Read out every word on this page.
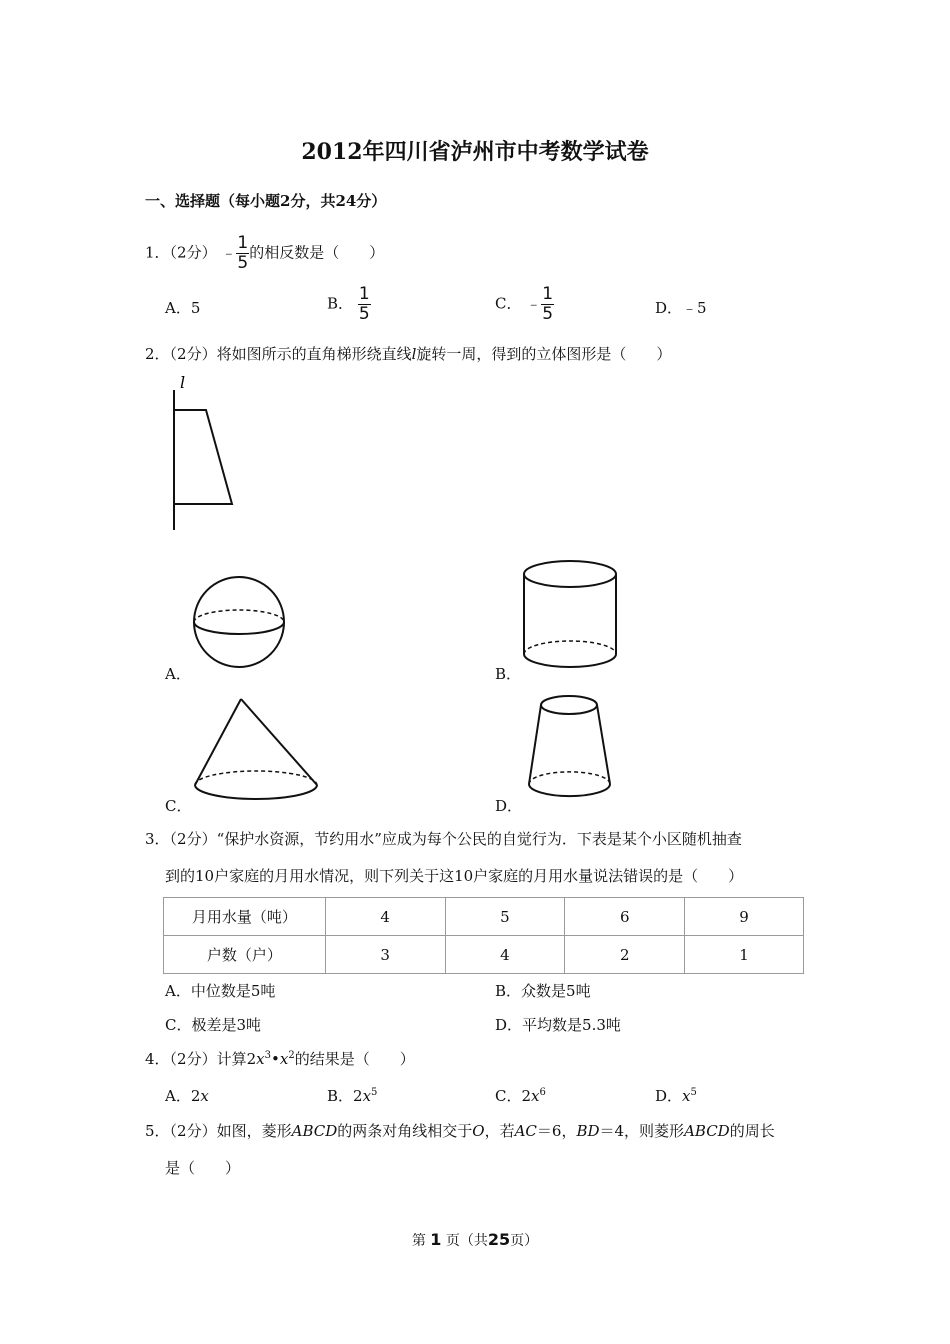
2012年四川省泸州市中考数学试卷
一、选择题（每小题2分，共24分）
1．（2分） ﹣ $\frac{1}{5}$ 的相反数是（　　）
A．5	B． $\frac{1}{5}$	C． ﹣ $\frac{1}{5}$	D．﹣5
2．（2分）将如图所示的直角梯形绕直线l旋转一周，得到的立体图形是（　　）
l
A．	B．
C．	D．
3．（2分）“保护水资源，节约用水”应成为每个公民的自觉行为．下表是某个小区随机抽查
到的10户家庭的月用水情况，则下列关于这10户家庭的月用水量说法错误的是（　　）
月用水量（吨）	4	5	6	9
户数（户）	3	4	2	1
A．中位数是5吨	B．众数是5吨
C．极差是3吨	D．平均数是5.3吨
4．（2分）计算$2x^3•x^2$的结果是（　　）
A．2x	B．$2x^5$	C．$2x^6$	D．$x^5$
5．（2分）如图，菱形ABCD的两条对角线相交于O，若AC＝6，BD＝4，则菱形ABCD的周长
是（　　）
第 1 页（共25页）
